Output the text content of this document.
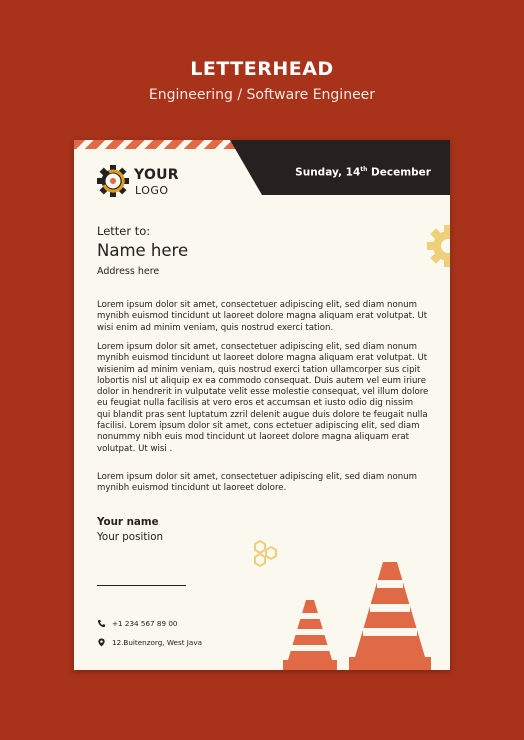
LETTERHEAD
Engineering / Software Engineer
Sunday, 14th December
YOUR
LOGO
Letter to:
Name here
Address here

Lorem ipsum dolor sit amet, consectetuer adipiscing elit, sed diam nonum mynibh euismod tincidunt ut laoreet dolore magna aliquam erat volutpat. Ut wisi enim ad minim veniam, quis nostrud exerci tation.

Lorem ipsum dolor sit amet, consectetuer adipiscing elit, sed diam nonum mynibh euismod tincidunt ut laoreet dolore magna aliquam erat volutpat. Ut wisienim ad minim veniam, quis nostrud exerci tation ullamcorper sus cipit lobortis nisl ut aliquip ex ea commodo consequat. Duis autem vel eum iriure dolor in hendrerit in vulputate velit esse molestie consequat, vel illum dolore eu feugiat nulla facilisis at vero eros et accumsan et iusto odio dig nissim qui blandit pras sent luptatum zzril delenit augue duis dolore te feugait nulla facilisi. Lorem ipsum dolor sit amet, cons ectetuer adipiscing elit, sed diam nonummy nibh euis mod tincidunt ut laoreet dolore magna aliquam erat volutpat. Ut wisi .

Lorem ipsum dolor sit amet, consectetuer adipiscing elit, sed diam nonum mynibh euismod tincidunt ut laoreet dolore.

Your name
Your position
+1 234 567 89 00
12.Buitenzorg, West Java
